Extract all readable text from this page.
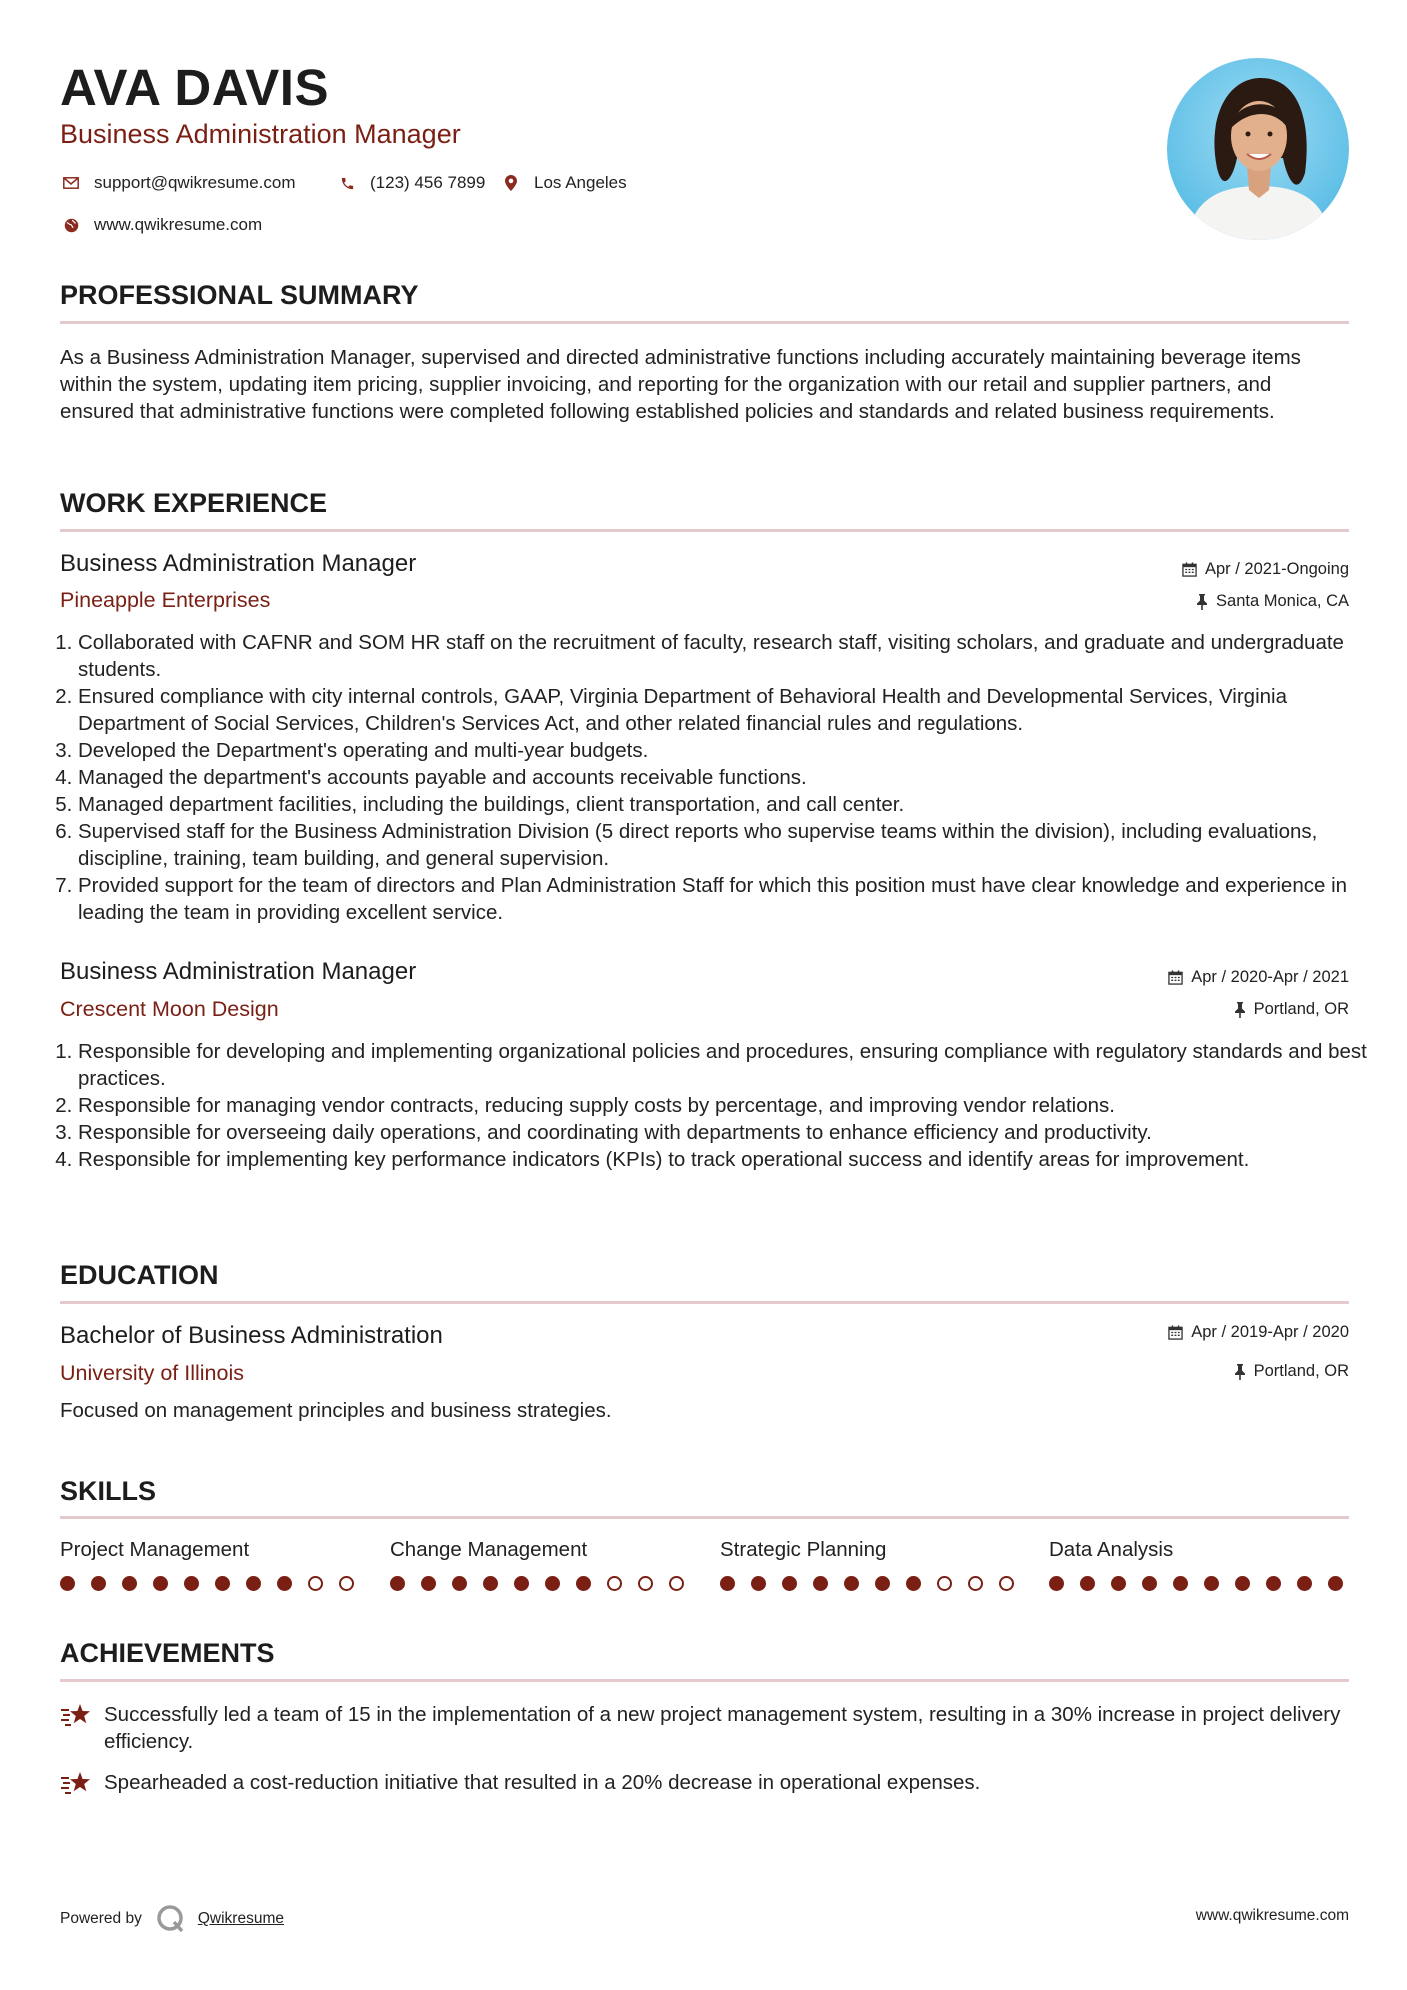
AVA DAVIS
Business Administration Manager
support@qwikresume.com	(123) 456 7899	Los Angeles
www.qwikresume.com
PROFESSIONAL SUMMARY
As a Business Administration Manager, supervised and directed administrative functions including accurately maintaining beverage items within the system, updating item pricing, supplier invoicing, and reporting for the organization with our retail and supplier partners, and ensured that administrative functions were completed following established policies and standards and related business requirements.
WORK EXPERIENCE
Business Administration Manager
Pineapple Enterprises
Apr / 2021-Ongoing
Santa Monica, CA
1. Collaborated with CAFNR and SOM HR staff on the recruitment of faculty, research staff, visiting scholars, and graduate and undergraduate students.
2. Ensured compliance with city internal controls, GAAP, Virginia Department of Behavioral Health and Developmental Services, Virginia Department of Social Services, Children's Services Act, and other related financial rules and regulations.
3. Developed the Department's operating and multi-year budgets.
4. Managed the department's accounts payable and accounts receivable functions.
5. Managed department facilities, including the buildings, client transportation, and call center.
6. Supervised staff for the Business Administration Division (5 direct reports who supervise teams within the division), including evaluations, discipline, training, team building, and general supervision.
7. Provided support for the team of directors and Plan Administration Staff for which this position must have clear knowledge and experience in leading the team in providing excellent service.
Business Administration Manager
Crescent Moon Design
Apr / 2020-Apr / 2021
Portland, OR
1. Responsible for developing and implementing organizational policies and procedures, ensuring compliance with regulatory standards and best practices.
2. Responsible for managing vendor contracts, reducing supply costs by percentage, and improving vendor relations.
3. Responsible for overseeing daily operations, and coordinating with departments to enhance efficiency and productivity.
4. Responsible for implementing key performance indicators (KPIs) to track operational success and identify areas for improvement.
EDUCATION
Bachelor of Business Administration
University of Illinois
Apr / 2019-Apr / 2020
Portland, OR
Focused on management principles and business strategies.
SKILLS
Project Management	Change Management	Strategic Planning	Data Analysis
ACHIEVEMENTS
Successfully led a team of 15 in the implementation of a new project management system, resulting in a 30% increase in project delivery efficiency.
Spearheaded a cost-reduction initiative that resulted in a 20% decrease in operational expenses.
Powered by	Qwikresume	www.qwikresume.com
